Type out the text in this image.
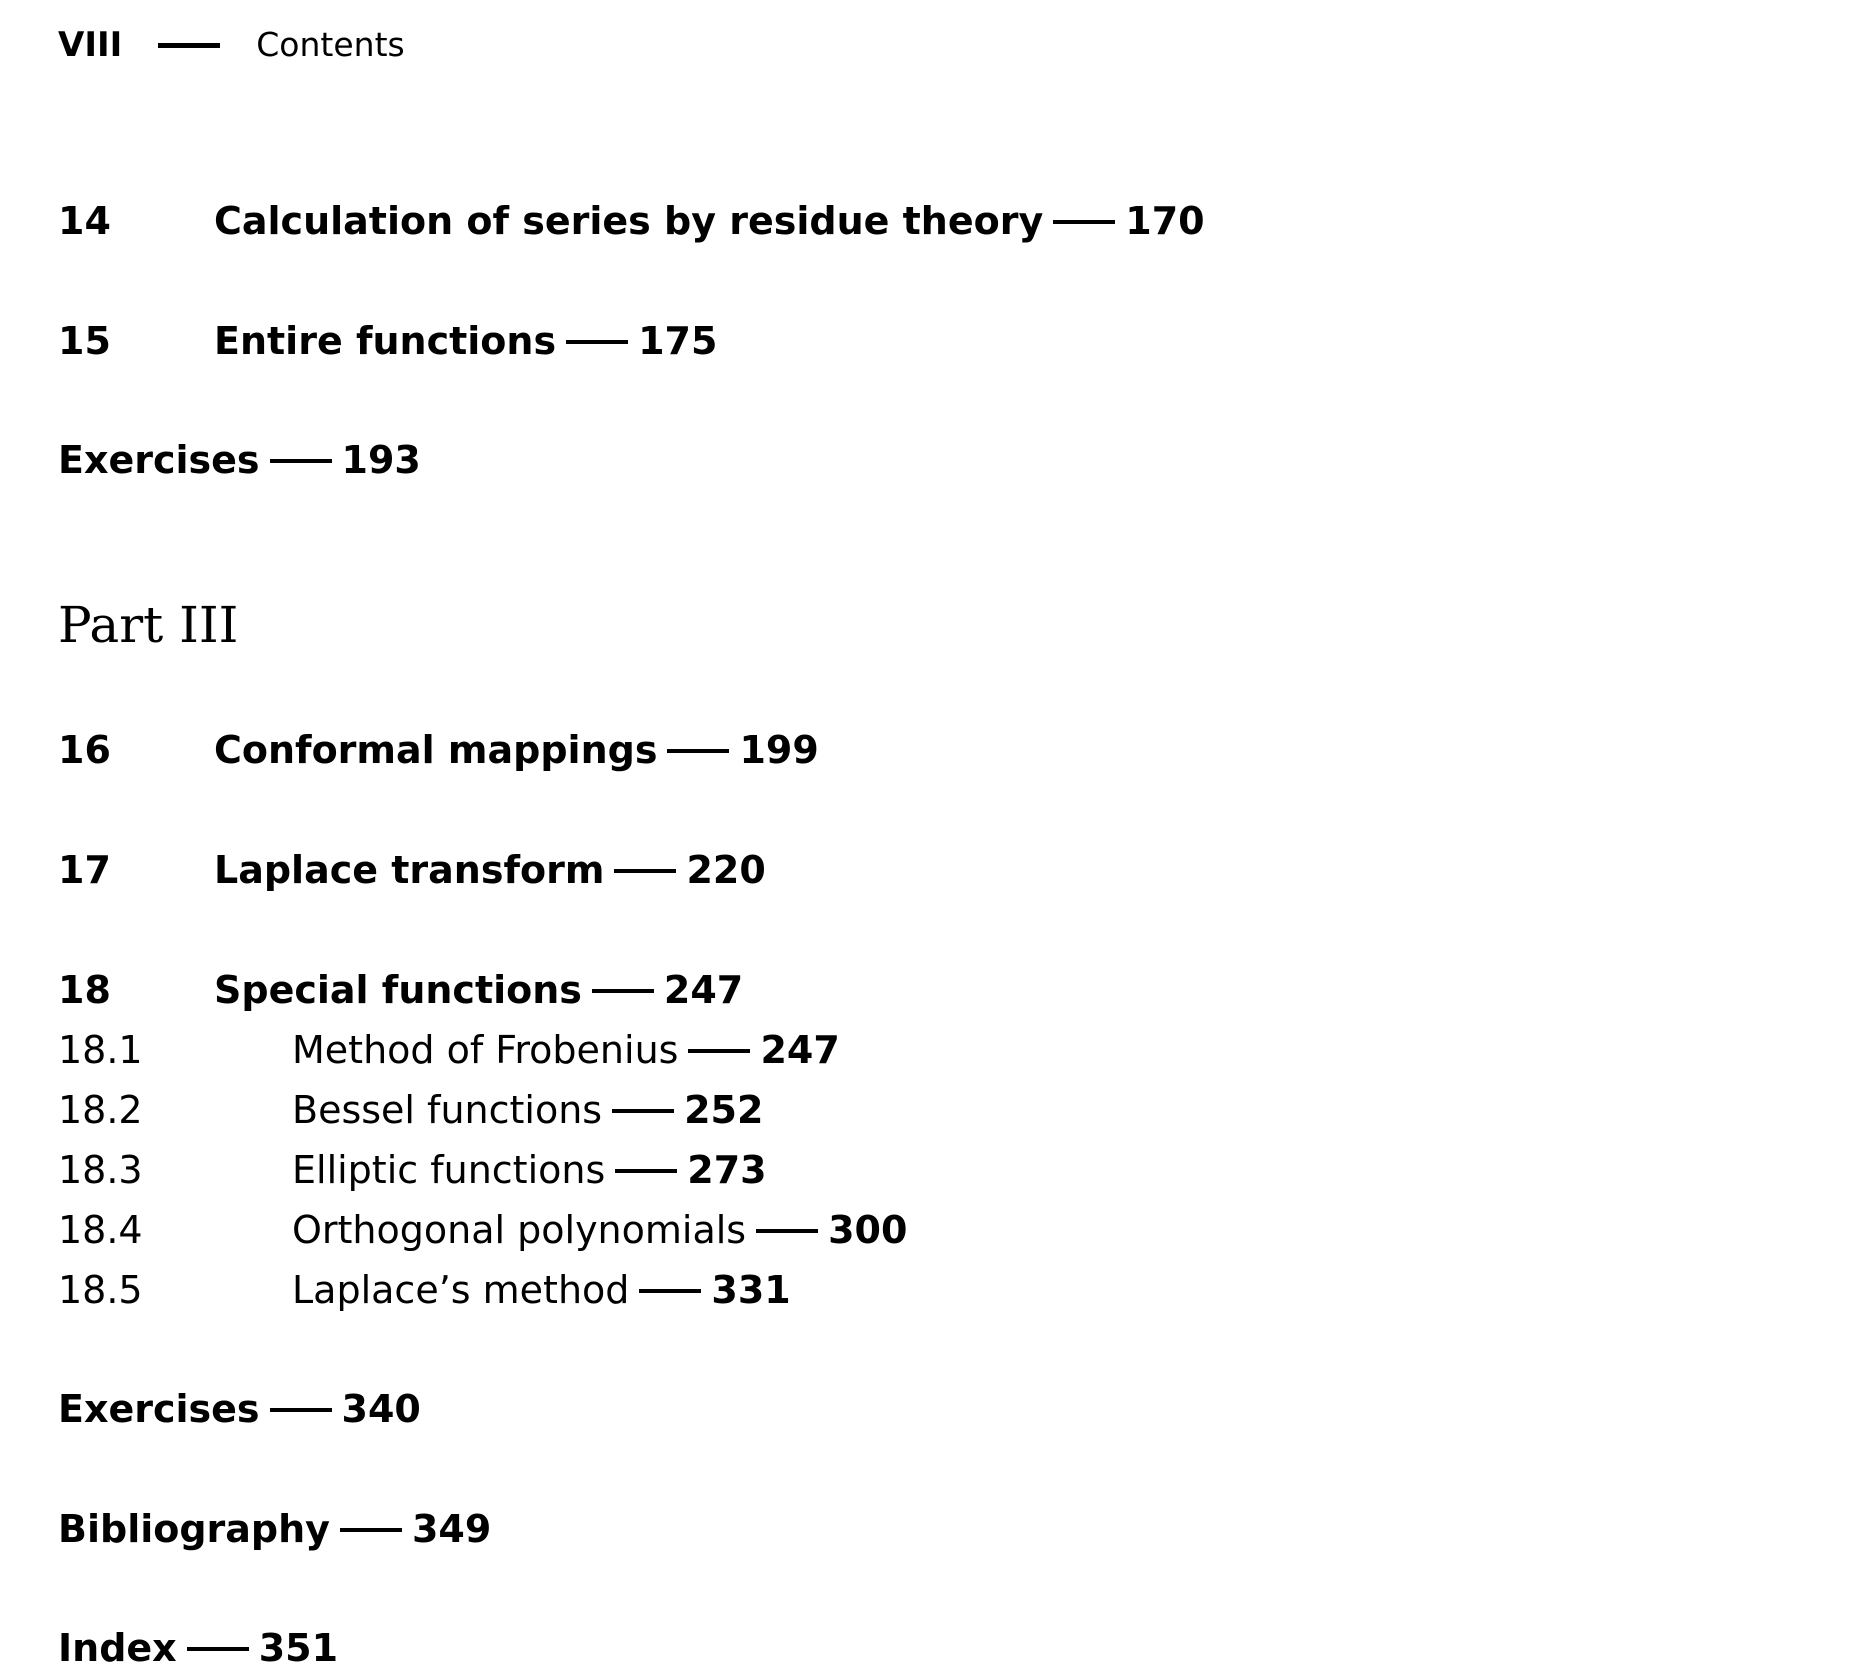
VIII	Contents
14	Calculation of series by residue theory 170
15	Entire functions 175
Exercises 193
Part III
16	Conformal mappings 199
17	Laplace transform 220
18	Special functions 247
18.1	Method of Frobenius 247
18.2	Bessel functions 252
18.3	Elliptic functions 273
18.4	Orthogonal polynomials 300
18.5	Laplace’s method 331
Exercises 340
Bibliography 349
Index 351
